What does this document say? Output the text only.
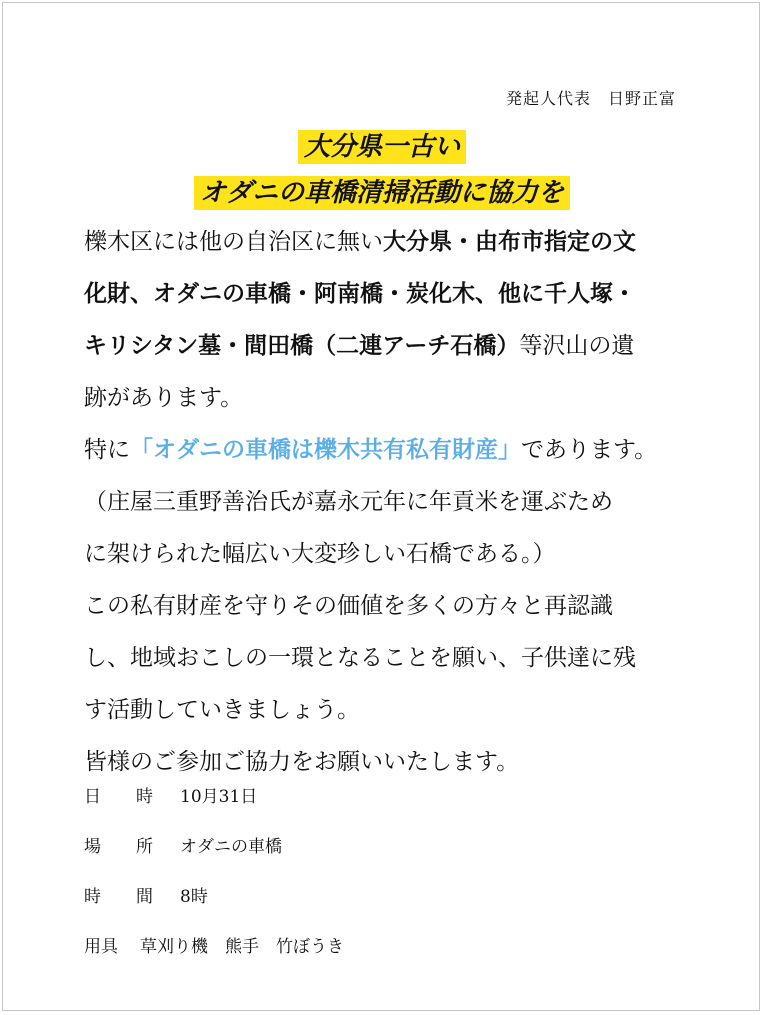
発起人代表　日野正富
大分県一古い
オダニの車橋清掃活動に協力を
櫟木区には他の自治区に無い大分県・由布市指定の文
化財、オダニの車橋・阿南橋・炭化木、他に千人塚・
キリシタン墓・間田橋（二連アーチ石橋）等沢山の遺
跡があります。
特に「オダニの車橋は櫟木共有私有財産」であります。
（庄屋三重野善治氏が嘉永元年に年貢米を運ぶため
に架けられた幅広い大変珍しい石橋である。）
この私有財産を守りその価値を多くの方々と再認識
し、地域おこしの一環となることを願い、子供達に残
す活動していきましょう。
皆様のご参加ご協力をお願いいたします。
日 時 10月31日
場 所 オダニの車橋
時 間 8時
用具 草刈り機　熊手　竹ぼうき
